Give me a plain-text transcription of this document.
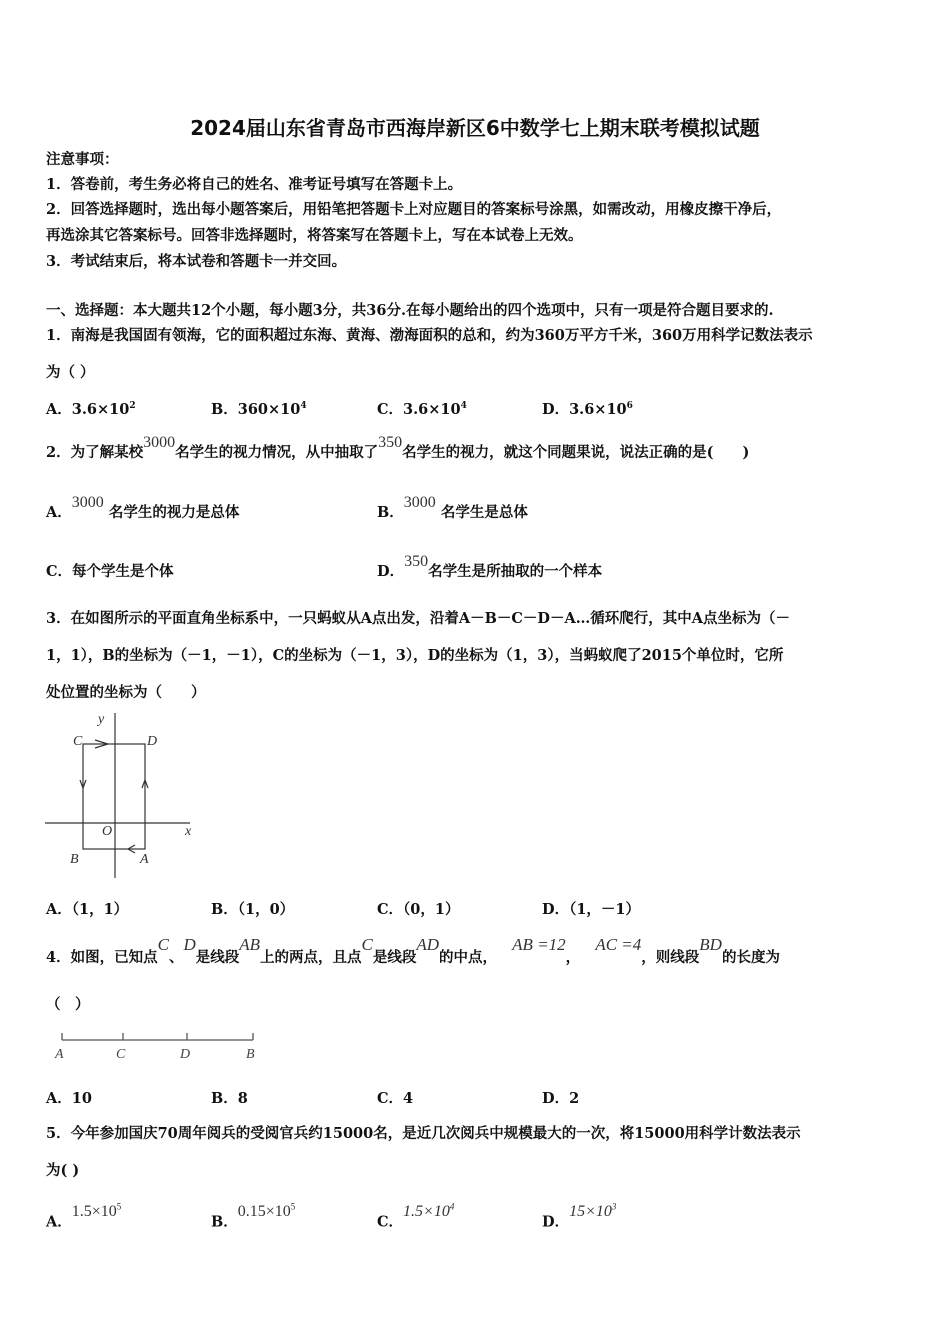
2024届山东省青岛市西海岸新区6中数学七上期末联考模拟试题
注意事项：
1．答卷前，考生务必将自己的姓名、准考证号填写在答题卡上。
2．回答选择题时，选出每小题答案后，用铅笔把答题卡上对应题目的答案标号涂黑，如需改动，用橡皮擦干净后，
再选涂其它答案标号。回答非选择题时，将答案写在答题卡上，写在本试卷上无效。
3．考试结束后，将本试卷和答题卡一并交回。
一、选择题：本大题共12个小题，每小题3分，共36分.在每小题给出的四个选项中，只有一项是符合题目要求的.
1．南海是我国固有领海，它的面积超过东海、黄海、渤海面积的总和，约为360万平方千米，360万用科学记数法表示
为（ ）
A．$3.6\times 10^2$	B．$360\times 10^4$	C．$3.6\times 10^4$	D．$3.6\times 10^6$
2．为了解某校3000名学生的视力情况，从中抽取了350名学生的视力，就这个同题果说，说法正确的是(　　)
A．3000 名学生的视力是总体	B．3000 名学生是总体
C．每个学生是个体	D．350名学生是所抽取的一个样本
3．在如图所示的平面直角坐标系中，一只蚂蚁从A点出发，沿着A－B－C－D－A…循环爬行，其中A点坐标为（－
1，1），B的坐标为（－1，－1），C的坐标为（－1，3），D的坐标为（1，3），当蚂蚁爬了2015个单位时，它所
处位置的坐标为（　　）
y
x
O
A
B
C	D
A．（1，1）	B．（1，0）	C．（0，1）	D．（1，－1）
4．如图，已知点C、D是线段AB上的两点，且点C是线段AD的中点，   AB =12，   AC =4，则线段BD的长度为
（　）
A	C	D	B
A．10	B．8	C．4	D．2
5．今年参加国庆70周年阅兵的受阅官兵约15000名，是近几次阅兵中规模最大的一次，将15000用科学计数法表示
为( )
A．$1.5\times 10^5$
B．$0.15\times 10^5$
C．$1.5\times 10^4$
D．$15\times 10^3$
